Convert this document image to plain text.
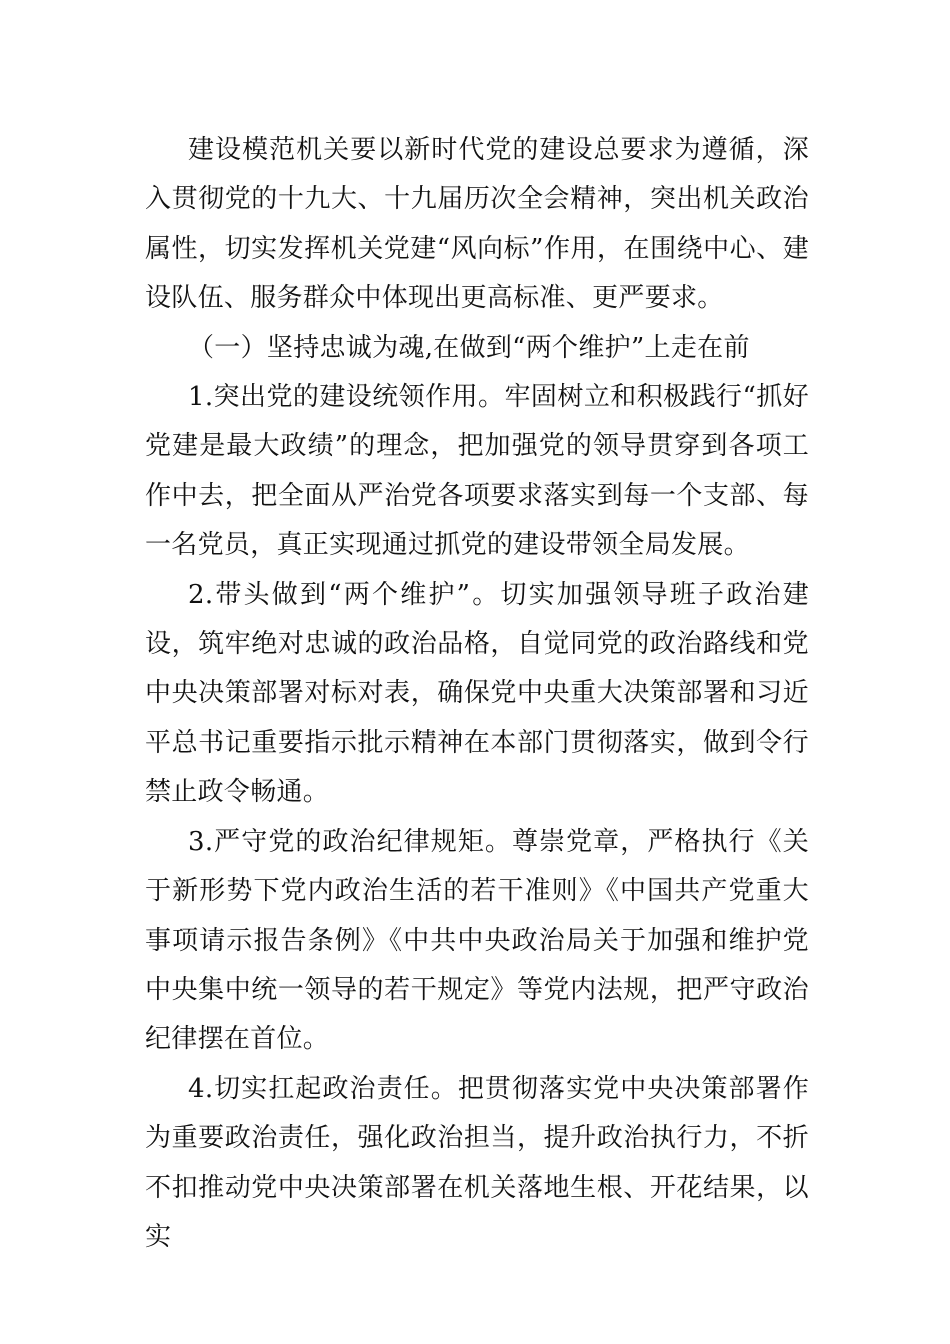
建设模范机关要以新时代党的建设总要求为遵循，深入贯彻党的十九大、十九届历次全会精神，突出机关政治属性，切实发挥机关党建“风向标”作用，在围绕中心、建设队伍、服务群众中体现出更高标准、更严要求。

（一）坚持忠诚为魂,在做到“两个维护”上走在前

1.突出党的建设统领作用。牢固树立和积极践行“抓好党建是最大政绩”的理念，把加强党的领导贯穿到各项工作中去，把全面从严治党各项要求落实到每一个支部、每一名党员，真正实现通过抓党的建设带领全局发展。

2.带头做到“两个维护”。切实加强领导班子政治建设，筑牢绝对忠诚的政治品格，自觉同党的政治路线和党中央决策部署对标对表，确保党中央重大决策部署和习近平总书记重要指示批示精神在本部门贯彻落实，做到令行禁止政令畅通。

3.严守党的政治纪律规矩。尊崇党章，严格执行《关于新形势下党内政治生活的若干准则》《中国共产党重大事项请示报告条例》《中共中央政治局关于加强和维护党中央集中统一领导的若干规定》等党内法规，把严守政治纪律摆在首位。

4.切实扛起政治责任。把贯彻落实党中央决策部署作为重要政治责任，强化政治担当，提升政治执行力，不折不扣推动党中央决策部署在机关落地生根、开花结果，以实
